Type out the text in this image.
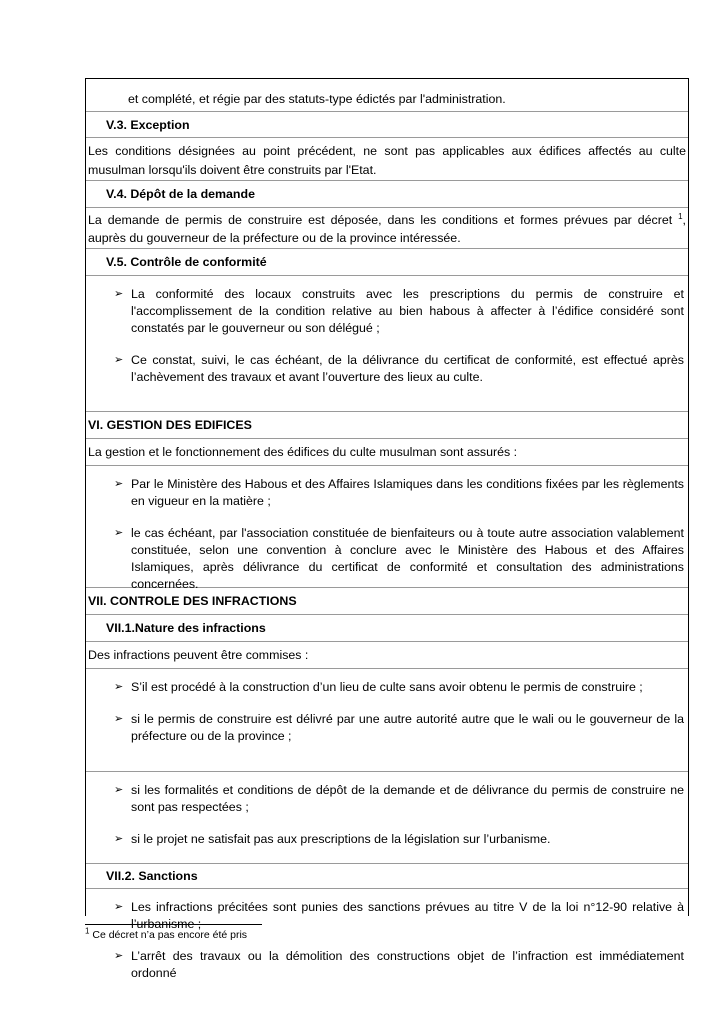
et complété, et régie par des statuts-type édictés par l'administration.
V.3. Exception
Les conditions désignées au point précédent, ne sont pas applicables aux édifices affectés au culte musulman lorsqu'ils doivent être construits par l'Etat.
V.4. Dépôt de la demande
La demande de permis de construire est déposée, dans les conditions et formes prévues par décret $^1$, auprès du gouverneur de la préfecture ou de la province intéressée.
V.5. Contrôle de conformité
➢ La conformité des locaux construits avec les prescriptions du permis de construire et l'accomplissement de la condition relative au bien habous à affecter à l’édifice considéré sont constatés par le gouverneur ou son délégué ;
➢ Ce constat, suivi, le cas échéant, de la délivrance du certificat de conformité, est effectué après l’achèvement des travaux et avant l’ouverture des lieux au culte.
VI. GESTION DES EDIFICES
La gestion et le fonctionnement des édifices du culte musulman sont assurés :
➢ Par le Ministère des Habous et des Affaires Islamiques dans les conditions fixées par les règlements en vigueur en la matière ;
➢ le cas échéant, par l'association constituée de bienfaiteurs ou à toute autre association valablement constituée, selon une convention à conclure avec le Ministère des Habous et des Affaires Islamiques, après délivrance du certificat de conformité et consultation des administrations concernées.
VII. CONTROLE DES INFRACTIONS
VII.1.Nature des infractions
Des infractions peuvent être commises :
➢ S’il est procédé à la construction d’un lieu de culte sans avoir obtenu le permis de construire ;
➢ si le permis de construire est délivré par une autre autorité autre que le wali ou le gouverneur de la préfecture ou de la province ;
➢ si les formalités et conditions de dépôt de la demande et de délivrance du permis de construire ne sont pas respectées ;
➢ si le projet ne satisfait pas aux prescriptions de la législation sur l’urbanisme.
VII.2. Sanctions
➢ Les infractions précitées sont punies des sanctions prévues au titre V de la loi n°12-90 relative à l’urbanisme ;
➢ L’arrêt des travaux ou la démolition des constructions objet de l’infraction est immédiatement ordonné
$^1$ Ce décret n’a pas encore été pris
